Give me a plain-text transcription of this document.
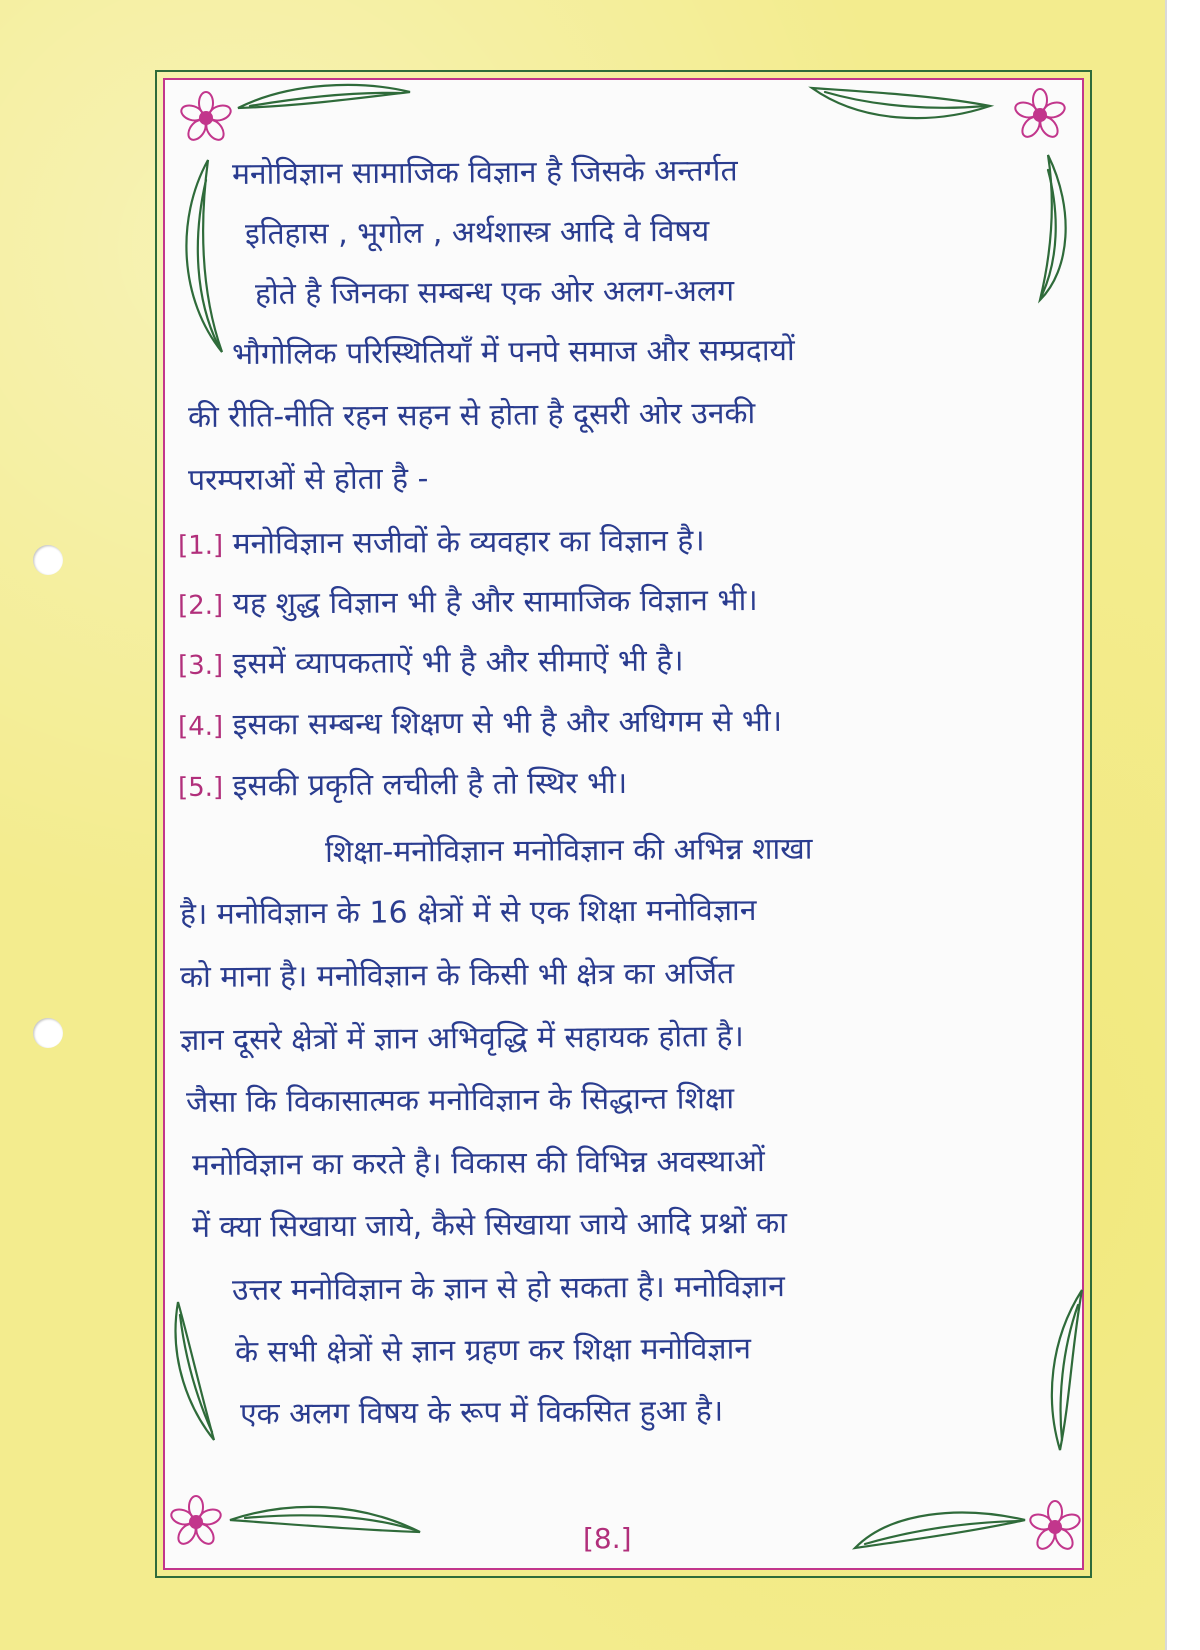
मनोविज्ञान सामाजिक विज्ञान है जिसके अन्तर्गत
इतिहास , भूगोल , अर्थशास्त्र आदि वे विषय
होते है जिनका सम्बन्ध एक ओर अलग-अलग
भौगोलिक परिस्थितियाँ में पनपे समाज और सम्प्रदायों
की रीति-नीति रहन सहन से होता है दूसरी ओर उनकी
परम्पराओं से होता है -
[1.] मनोविज्ञान सजीवों के व्यवहार का विज्ञान है।
[2.] यह शुद्ध विज्ञान भी है और सामाजिक विज्ञान भी।
[3.] इसमें व्यापकताऐं भी है और सीमाऐं भी है।
[4.] इसका सम्बन्ध शिक्षण से भी है और अधिगम से भी।
[5.] इसकी प्रकृति लचीली है तो स्थिर भी।
शिक्षा-मनोविज्ञान मनोविज्ञान की अभिन्न शाखा
है। मनोविज्ञान के 16 क्षेत्रों में से एक शिक्षा मनोविज्ञान
को माना है। मनोविज्ञान के किसी भी क्षेत्र का अर्जित
ज्ञान दूसरे क्षेत्रों में ज्ञान अभिवृद्धि में सहायक होता है।
जैसा कि विकासात्मक मनोविज्ञान के सिद्धान्त शिक्षा
मनोविज्ञान का करते है। विकास की विभिन्न अवस्थाओं
में क्या सिखाया जाये, कैसे सिखाया जाये आदि प्रश्नों का
उत्तर मनोविज्ञान के ज्ञान से हो सकता है। मनोविज्ञान
के सभी क्षेत्रों से ज्ञान ग्रहण कर शिक्षा मनोविज्ञान
एक अलग विषय के रूप में विकसित हुआ है।
[8.]
